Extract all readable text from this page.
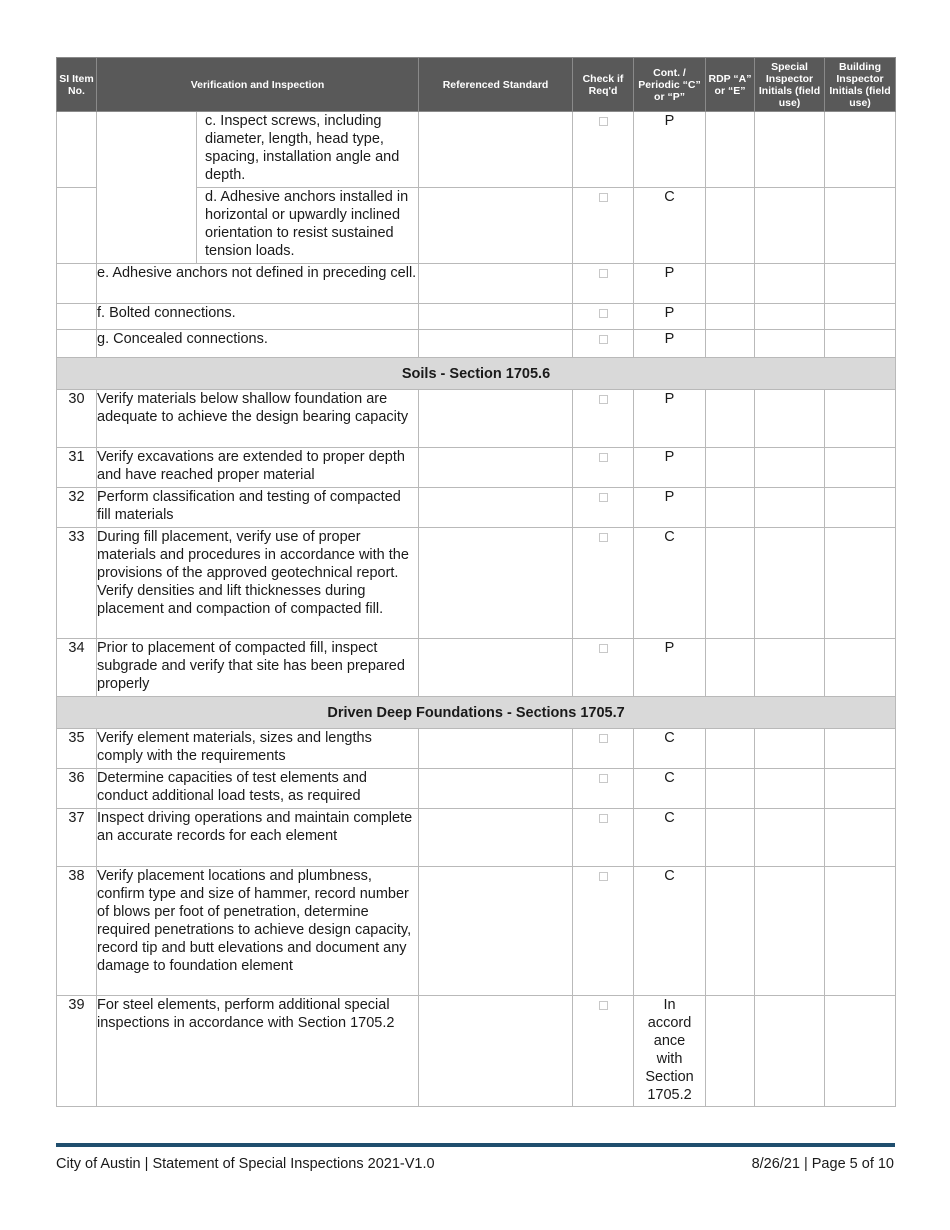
SI Item No.	Verification and Inspection		Referenced Standard	Check if Req'd	Cont. / Periodic “C” or “P”	RDP “A” or “E”	Special Inspector Initials (field use)	Building Inspector Initials (field use)
		c. Inspect screws, including diameter, length, head type, spacing, installation angle and depth.			P			
		d. Adhesive anchors installed in horizontal or upwardly inclined orientation to resist sustained tension loads.			C			
	e. Adhesive anchors not defined in preceding cell.				P			
	f. Bolted connections.				P			
	g. Concealed connections.				P			
Soils - Section 1705.6								
30	Verify materials below shallow foundation are adequate to achieve the design bearing capacity				P			
31	Verify excavations are extended to proper depth and have reached proper material				P			
32	Perform classification and testing of compacted fill materials				P			
33	During fill placement, verify use of proper materials and procedures in accordance with the provisions of the approved geotechnical report. Verify densities and lift thicknesses during placement and compaction of compacted fill.				C			
34	Prior to placement of compacted fill, inspect subgrade and verify that site has been prepared properly				P			
Driven Deep Foundations - Sections 1705.7								
35	Verify element materials, sizes and lengths comply with the requirements				C			
36	Determine capacities of test elements and conduct additional load tests, as required				C			
37	Inspect driving operations and maintain complete an accurate records for each element				C			
38	Verify placement locations and plumbness, confirm type and size of hammer, record number of blows per foot of penetration, determine required penetrations to achieve design capacity, record tip and butt elevations and document any damage to foundation element				C			
39	For steel elements, perform additional special inspections in accordance with Section 1705.2				In accord ance with Section 1705.2			
City of Austin | Statement of Special Inspections 2021-V1.0	8/26/21 | Page 5 of 10
